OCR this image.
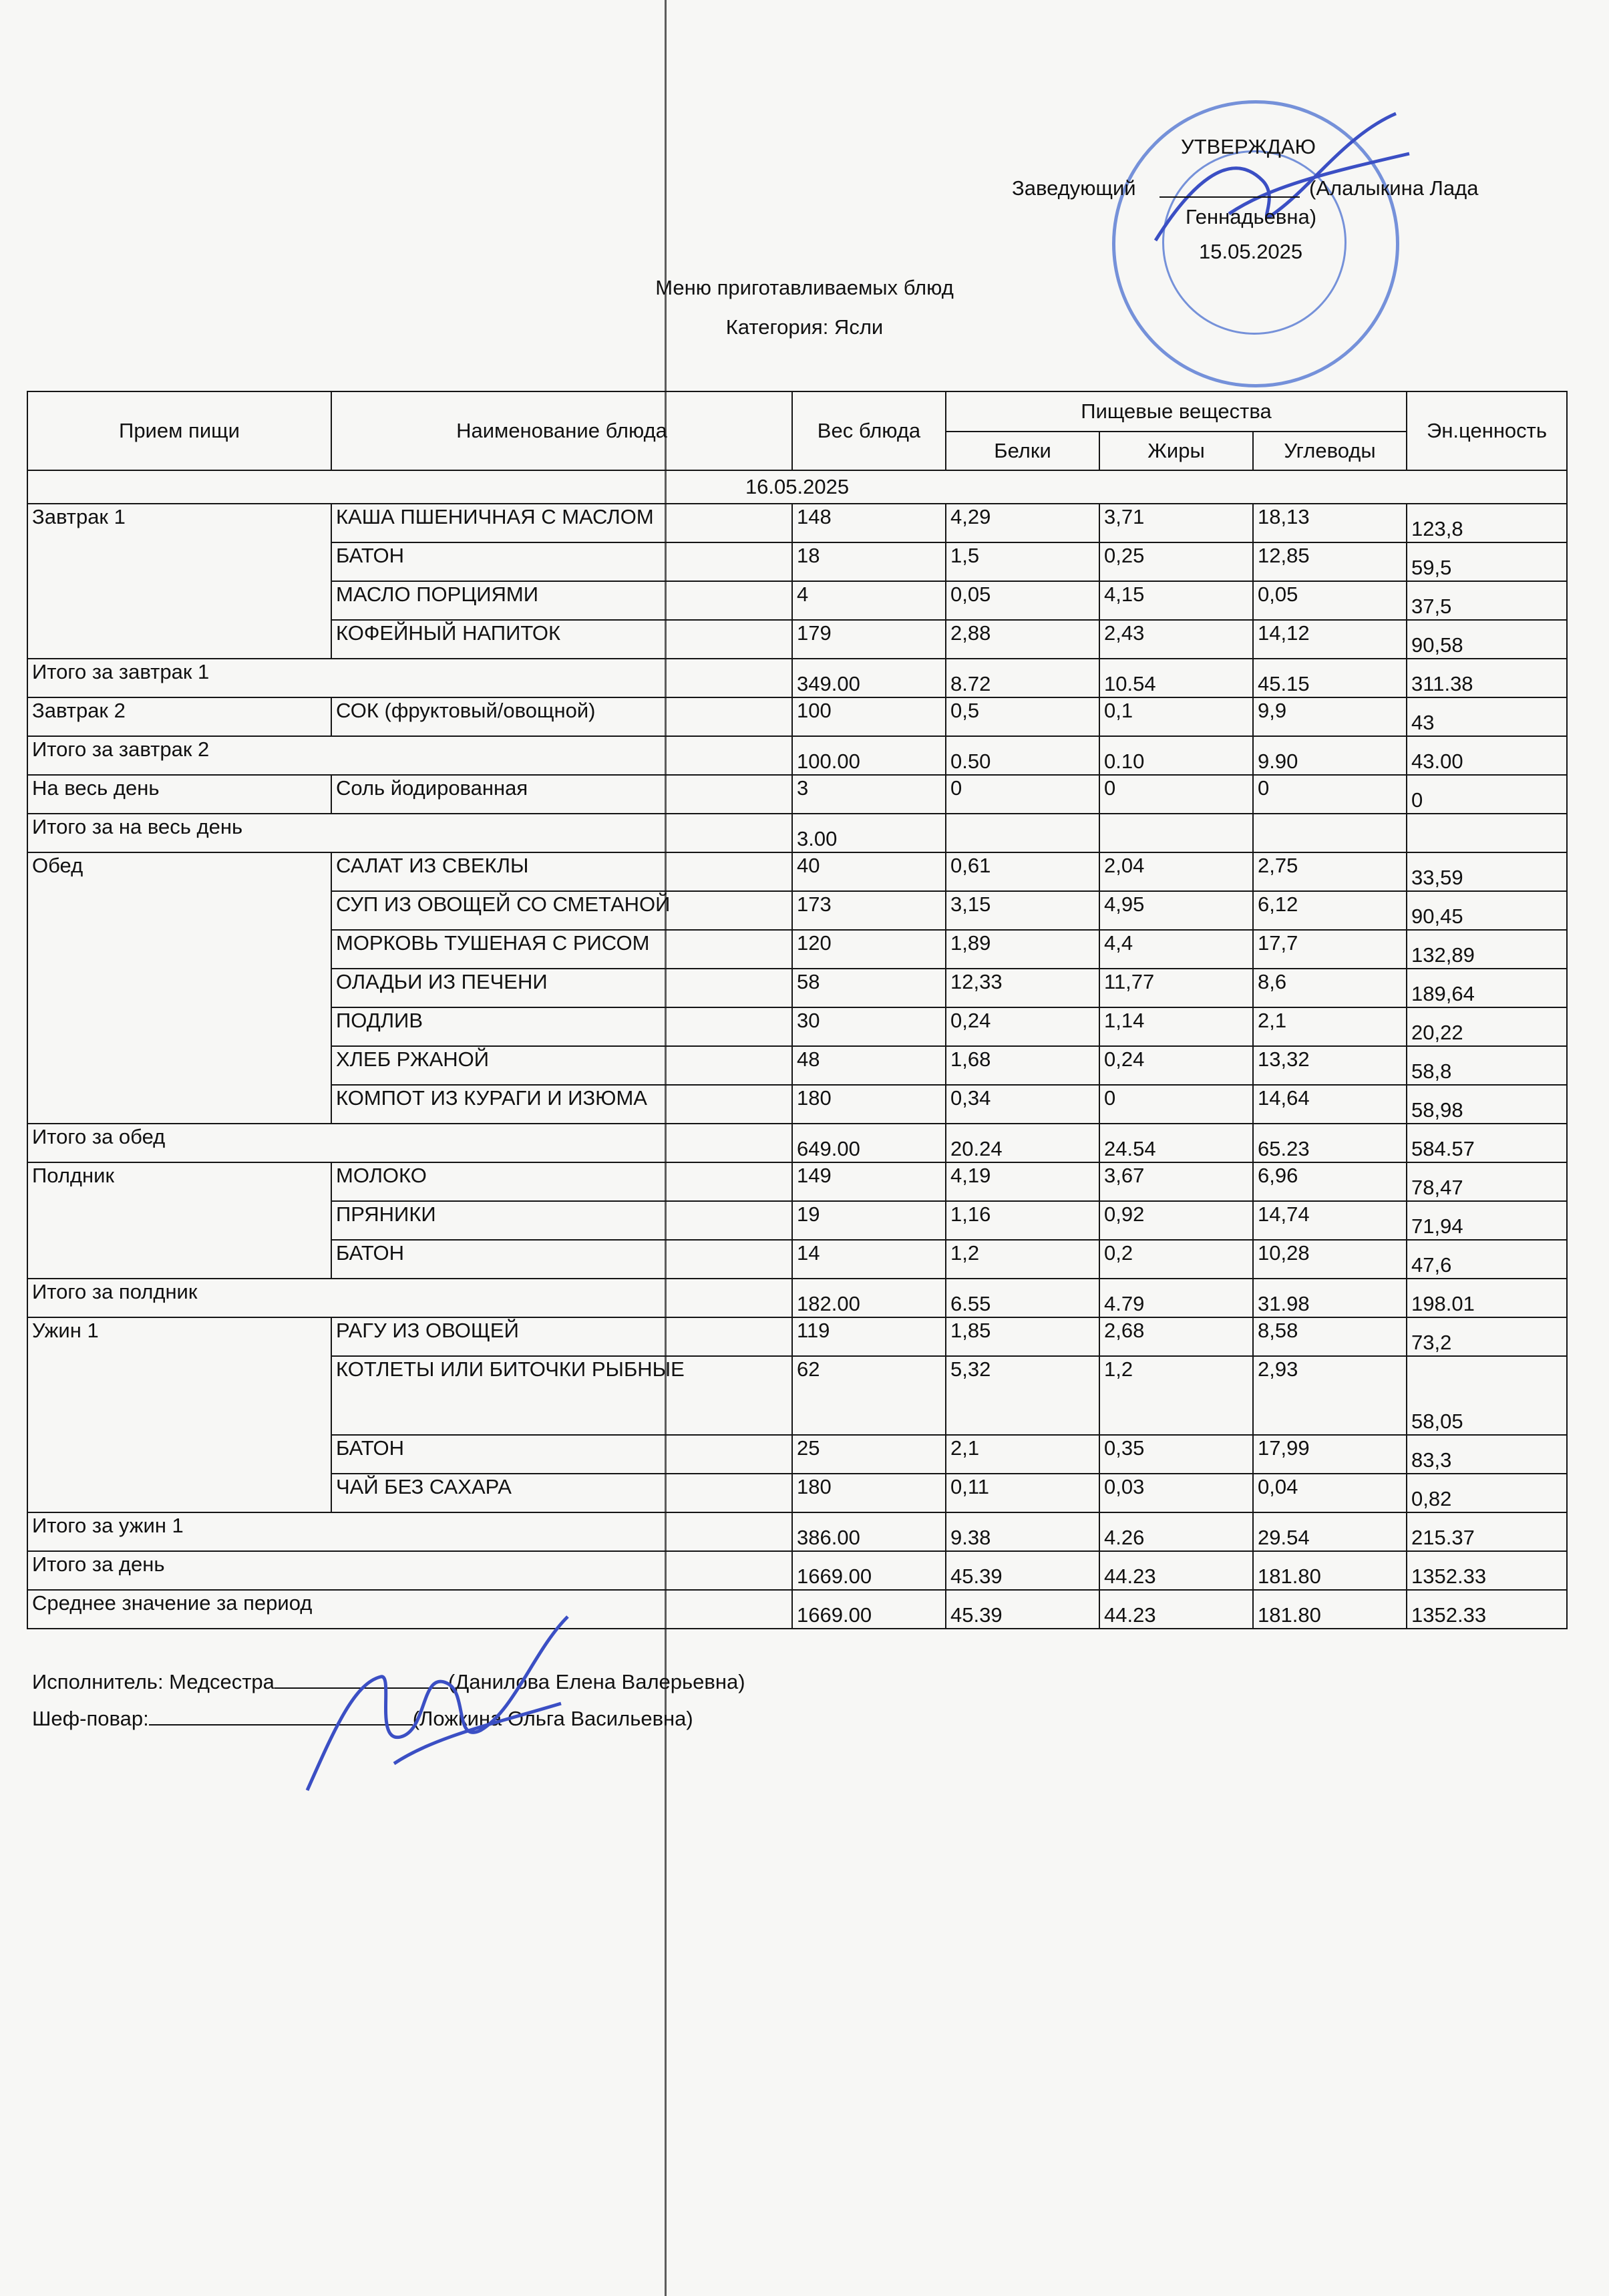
УТВЕРЖДАЮ
Заведующий	(Алалыкина Лада
Геннадьевна)
15.05.2025
Меню приготавливаемых блюд
Категория: Ясли
Прием пищи	Наименование блюда	Вес блюда	Пищевые вещества			Эн.ценность
			Белки	Жиры	Углеводы	
16.05.2025						
Завтрак 1	КАША ПШЕНИЧНАЯ С МАСЛОМ	148	4,29	3,71	18,13	123,8
	БАТОН	18	1,5	0,25	12,85	59,5
	МАСЛО ПОРЦИЯМИ	4	0,05	4,15	0,05	37,5
	КОФЕЙНЫЙ НАПИТОК	179	2,88	2,43	14,12	90,58
Итого за завтрак 1		349.00	8.72	10.54	45.15	311.38
Завтрак 2	СОК (фруктовый/овощной)	100	0,5	0,1	9,9	43
Итого за завтрак 2		100.00	0.50	0.10	9.90	43.00
На весь день	Соль йодированная	3	0	0	0	0
Итого за на весь день		3.00				
Обед	САЛАТ ИЗ СВЕКЛЫ	40	0,61	2,04	2,75	33,59
	СУП ИЗ ОВОЩЕЙ СО СМЕТАНОЙ	173	3,15	4,95	6,12	90,45
	МОРКОВЬ ТУШЕНАЯ С РИСОМ	120	1,89	4,4	17,7	132,89
	ОЛАДЬИ ИЗ ПЕЧЕНИ	58	12,33	11,77	8,6	189,64
	ПОДЛИВ	30	0,24	1,14	2,1	20,22
	ХЛЕБ РЖАНОЙ	48	1,68	0,24	13,32	58,8
	КОМПОТ ИЗ КУРАГИ И ИЗЮМА	180	0,34	0	14,64	58,98
Итого за обед		649.00	20.24	24.54	65.23	584.57
Полдник	МОЛОКО	149	4,19	3,67	6,96	78,47
	ПРЯНИКИ	19	1,16	0,92	14,74	71,94
	БАТОН	14	1,2	0,2	10,28	47,6
Итого за полдник		182.00	6.55	4.79	31.98	198.01
Ужин 1	РАГУ ИЗ ОВОЩЕЙ	119	1,85	2,68	8,58	73,2
	КОТЛЕТЫ ИЛИ БИТОЧКИ РЫБНЫЕ	62	5,32	1,2	2,93	58,05
	БАТОН	25	2,1	0,35	17,99	83,3
	ЧАЙ БЕЗ САХАРА	180	0,11	0,03	0,04	0,82
Итого за ужин 1		386.00	9.38	4.26	29.54	215.37
Итого за день		1669.00	45.39	44.23	181.80	1352.33
Среднее значение за период		1669.00	45.39	44.23	181.80	1352.33
Исполнитель: Медсестра	(Данилова Елена Валерьевна)
Шеф-повар:	(Ложкина Ольга Васильевна)
